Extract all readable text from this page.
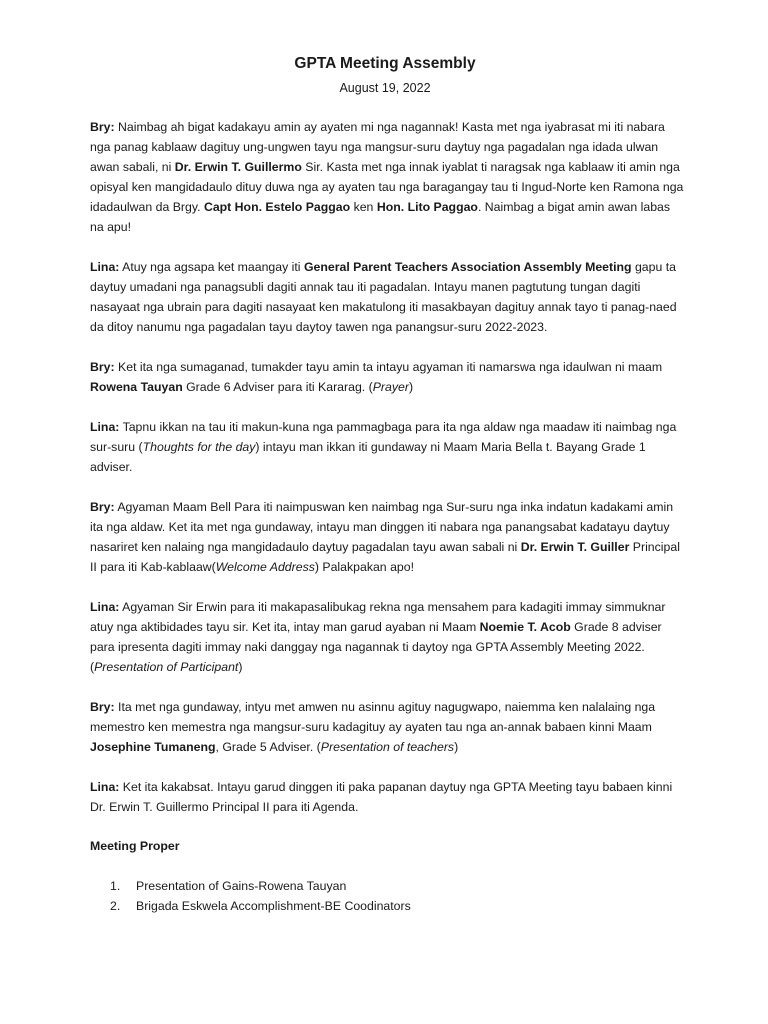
GPTA Meeting Assembly

August 19, 2022

Bry: Naimbag ah bigat kadakayu amin ay ayaten mi nga nagannak! Kasta met nga iyabrasat mi iti nabara nga panag kablaaw dagituy ung-ungwen tayu nga mangsur-suru daytuy nga pagadalan nga idada ulwan awan sabali, ni Dr. Erwin T. Guillermo Sir. Kasta met nga innak iyablat ti naragsak nga kablaaw iti amin nga opisyal ken mangidadaulo dituy duwa nga ay ayaten tau nga baragangay tau ti Ingud-Norte ken Ramona nga idadaulwan da Brgy. Capt Hon. Estelo Paggao ken Hon. Lito Paggao. Naimbag a bigat amin awan labas na apu!

Lina: Atuy nga agsapa ket maangay iti General Parent Teachers Association Assembly Meeting gapu ta daytuy umadani nga panagsubli dagiti annak tau iti pagadalan. Intayu manen pagtutung tungan dagiti nasayaat nga ubrain para dagiti nasayaat ken makatulong iti masakbayan dagituy annak tayo ti panag-naed da ditoy nanumu nga pagadalan tayu daytoy tawen nga panangsur-suru 2022-2023.

Bry: Ket ita nga sumaganad, tumakder tayu amin ta intayu agyaman iti namarswa nga idaulwan ni maam Rowena Tauyan Grade 6 Adviser para iti Kararag. (Prayer)

Lina: Tapnu ikkan na tau iti makun-kuna nga pammagbaga para ita nga aldaw nga maadaw iti naimbag nga sur-suru (Thoughts for the day) intayu man ikkan iti gundaway ni Maam Maria Bella t. Bayang Grade 1 adviser.

Bry: Agyaman Maam Bell Para iti naimpuswan ken naimbag nga Sur-suru nga inka indatun kadakami amin ita nga aldaw. Ket ita met nga gundaway, intayu man dinggen iti nabara nga panangsabat kadatayu daytuy nasariret ken nalaing nga mangidadaulo daytuy pagadalan tayu awan sabali ni Dr. Erwin T. Guiller Principal II para iti Kab-kablaaw(Welcome Address) Palakpakan apo!

Lina: Agyaman Sir Erwin para iti makapasalibukag rekna nga mensahem para kadagiti immay simmuknar atuy nga aktibidades tayu sir. Ket ita, intay man garud ayaban ni Maam Noemie T. Acob Grade 8 adviser para ipresenta dagiti immay naki danggay nga nagannak ti daytoy nga GPTA Assembly Meeting 2022. (Presentation of Participant)

Bry: Ita met nga gundaway, intyu met amwen nu asinnu agituy nagugwapo, naiemma ken nalalaing nga memestro ken memestra nga mangsur-suru kadagituy ay ayaten tau nga an-annak babaen kinni Maam Josephine Tumaneng, Grade 5 Adviser. (Presentation of teachers)

Lina: Ket ita kakabsat. Intayu garud dinggen iti paka papanan daytuy nga GPTA Meeting tayu babaen kinni Dr. Erwin T. Guillermo Principal II para iti Agenda.

Meeting Proper

1.	Presentation of Gains-Rowena Tauyan
2.	Brigada Eskwela Accomplishment-BE Coodinators
